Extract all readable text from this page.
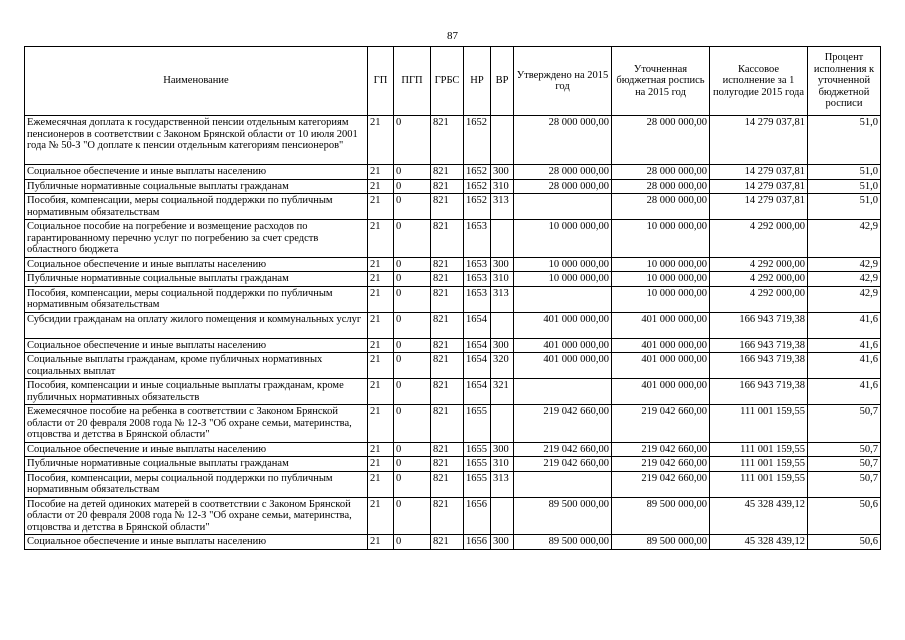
87
Наименование	ГП	ПГП	ГРБС	НР	ВР	Утверждено на 2015 год	Уточненная бюджетная роспись на 2015 год	Кассовое исполнение за 1 полугодие 2015 года	Процент исполнения к уточненной бюджетной росписи
Ежемесячная доплата к государственной пенсии отдельным категориям пенсионеров в соответствии с Законом Брянской области от 10 июля 2001 года № 50-З "О доплате к пенсии отдельным категориям пенсионеров"	21	0	821	1652		28 000 000,00	28 000 000,00	14 279 037,81	51,0
Социальное обеспечение и иные выплаты населению	21	0	821	1652	300	28 000 000,00	28 000 000,00	14 279 037,81	51,0
Публичные нормативные социальные выплаты гражданам	21	0	821	1652	310	28 000 000,00	28 000 000,00	14 279 037,81	51,0
Пособия, компенсации, меры социальной поддержки по публичным нормативным обязательствам	21	0	821	1652	313		28 000 000,00	14 279 037,81	51,0
Социальное пособие на погребение и возмещение расходов по гарантированному перечню услуг по погребению за счет средств областного бюджета	21	0	821	1653		10 000 000,00	10 000 000,00	4 292 000,00	42,9
Социальное обеспечение и иные выплаты населению	21	0	821	1653	300	10 000 000,00	10 000 000,00	4 292 000,00	42,9
Публичные нормативные социальные выплаты гражданам	21	0	821	1653	310	10 000 000,00	10 000 000,00	4 292 000,00	42,9
Пособия, компенсации, меры социальной поддержки по публичным нормативным обязательствам	21	0	821	1653	313		10 000 000,00	4 292 000,00	42,9
Субсидии гражданам на оплату жилого помещения и коммунальных услуг	21	0	821	1654		401 000 000,00	401 000 000,00	166 943 719,38	41,6
Социальное обеспечение и иные выплаты населению	21	0	821	1654	300	401 000 000,00	401 000 000,00	166 943 719,38	41,6
Социальные выплаты гражданам, кроме публичных нормативных социальных выплат	21	0	821	1654	320	401 000 000,00	401 000 000,00	166 943 719,38	41,6
Пособия, компенсации и иные социальные выплаты гражданам, кроме публичных нормативных обязательств	21	0	821	1654	321		401 000 000,00	166 943 719,38	41,6
Ежемесячное пособие на ребенка в соответствии с Законом Брянской области от 20 февраля 2008 года № 12-З "Об охране семьи, материнства, отцовства и детства в Брянской области"	21	0	821	1655		219 042 660,00	219 042 660,00	111 001 159,55	50,7
Социальное обеспечение и иные выплаты населению	21	0	821	1655	300	219 042 660,00	219 042 660,00	111 001 159,55	50,7
Публичные нормативные социальные выплаты гражданам	21	0	821	1655	310	219 042 660,00	219 042 660,00	111 001 159,55	50,7
Пособия, компенсации, меры социальной поддержки по публичным нормативным обязательствам	21	0	821	1655	313		219 042 660,00	111 001 159,55	50,7
Пособие на детей одиноких матерей в соответствии с Законом Брянской области от 20 февраля 2008 года № 12-З "Об охране семьи, материнства, отцовства и детства в Брянской области"	21	0	821	1656		89 500 000,00	89 500 000,00	45 328 439,12	50,6
Социальное обеспечение и иные выплаты населению	21	0	821	1656	300	89 500 000,00	89 500 000,00	45 328 439,12	50,6
